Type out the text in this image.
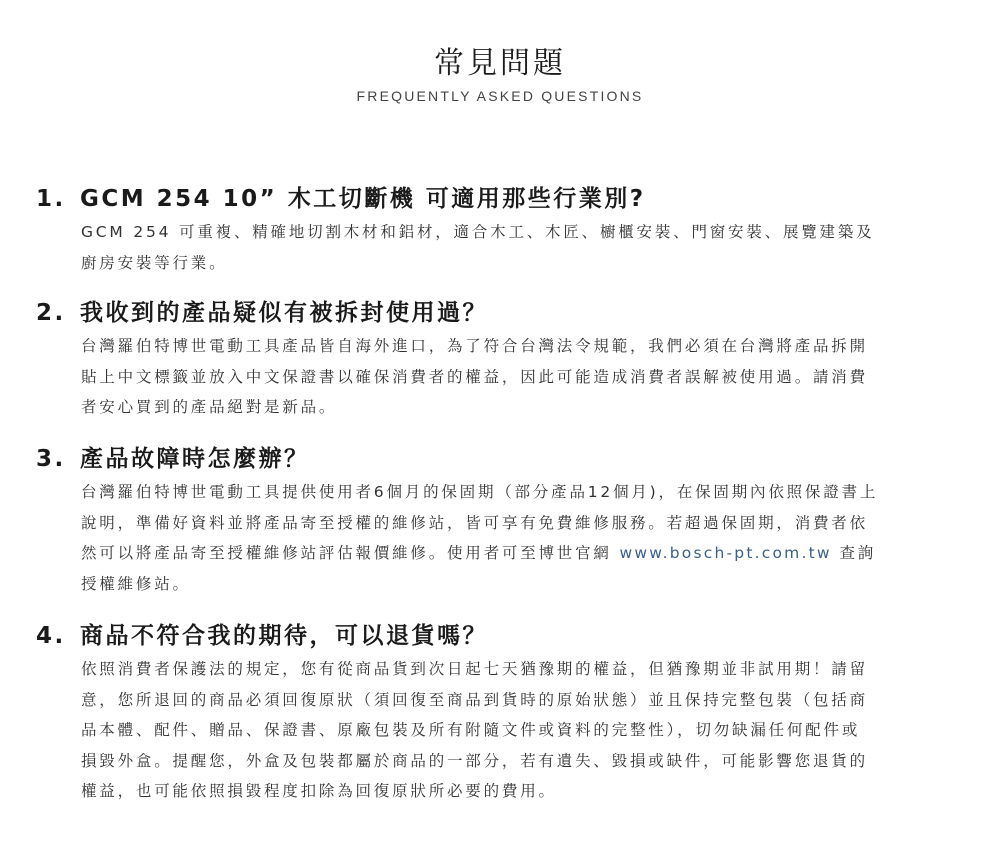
常見問題
FREQUENTLY ASKED QUESTIONS
1. GCM 254 10” 木工切斷機 可適用那些行業別?
GCM 254 可重複、精確地切割木材和鋁材，適合木工、木匠、櫥櫃安裝、門窗安裝、展覽建築及
廚房安裝等行業。
2. 我收到的產品疑似有被拆封使用過？
台灣羅伯特博世電動工具產品皆自海外進口，為了符合台灣法令規範，我們必須在台灣將產品拆開
貼上中文標籤並放入中文保證書以確保消費者的權益，因此可能造成消費者誤解被使用過。請消費
者安心買到的產品絕對是新品。
3. 產品故障時怎麼辦？
台灣羅伯特博世電動工具提供使用者6個月的保固期（部分產品12個月)，在保固期內依照保證書上
說明，準備好資料並將產品寄至授權的維修站，皆可享有免費維修服務。若超過保固期，消費者依
然可以將產品寄至授權維修站評估報價維修。使用者可至博世官網 www.bosch-pt.com.tw 查詢
授權維修站。
4. 商品不符合我的期待，可以退貨嗎？
依照消費者保護法的規定，您有從商品貨到次日起七天猶豫期的權益，但猶豫期並非試用期！請留
意，您所退回的商品必須回復原狀（須回復至商品到貨時的原始狀態）並且保持完整包裝（包括商
品本體、配件、贈品、保證書、原廠包裝及所有附隨文件或資料的完整性），切勿缺漏任何配件或
損毀外盒。提醒您，外盒及包裝都屬於商品的一部分，若有遺失、毀損或缺件，可能影響您退貨的
權益，也可能依照損毀程度扣除為回復原狀所必要的費用。
